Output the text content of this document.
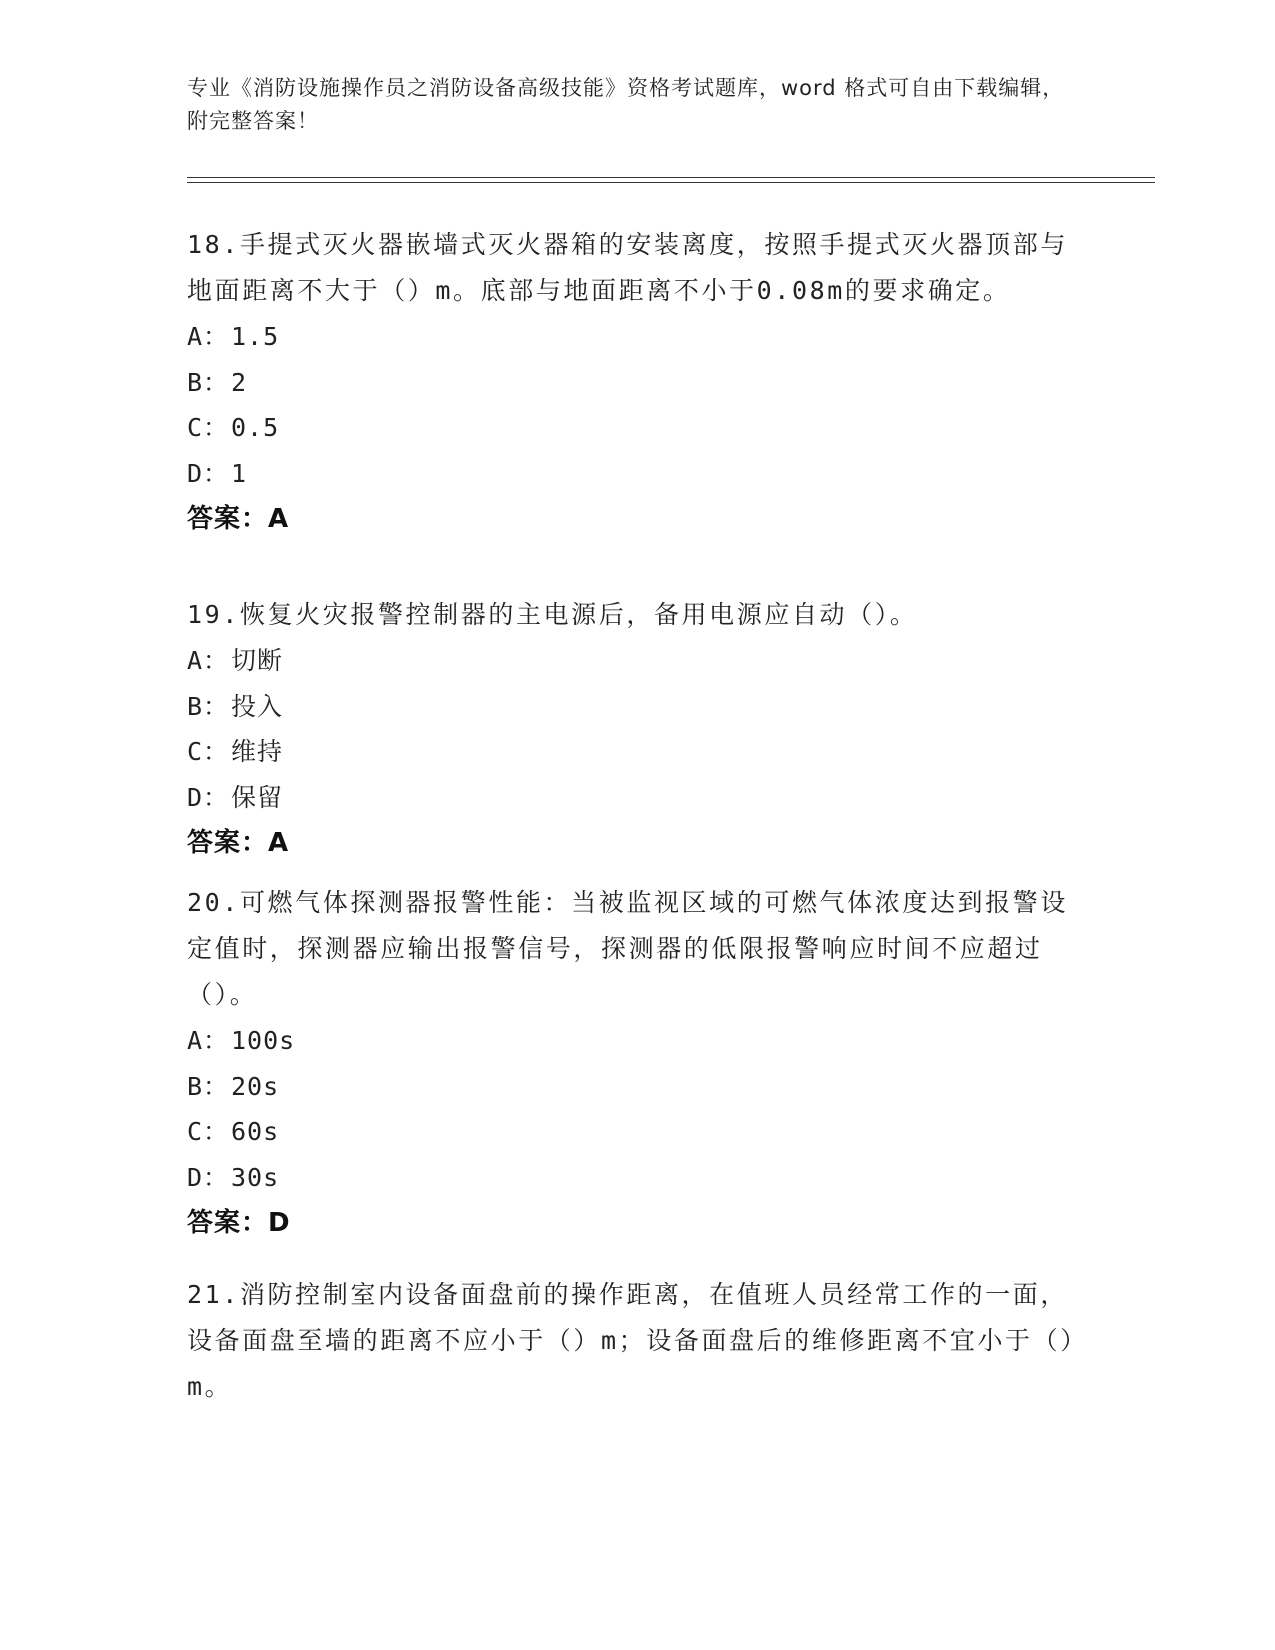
专业《消防设施操作员之消防设备高级技能》资格考试题库，word 格式可自由下载编辑，附完整答案！

18.手提式灭火器嵌墙式灭火器箱的安装离度，按照手提式灭火器顶部与地面距离不大于（）m。底部与地面距离不小于0.08m的要求确定。

A：1.5

B：2

C：0.5

D：1

答案：A

19.恢复火灾报警控制器的主电源后，备用电源应自动（）。

A：切断

B：投入

C：维持

D：保留

答案：A

20.可燃气体探测器报警性能：当被监视区域的可燃气体浓度达到报警设定值时，探测器应输出报警信号，探测器的低限报警响应时间不应超过（）。

A：100s

B：20s

C：60s

D：30s

答案：D

21.消防控制室内设备面盘前的操作距离，在值班人员经常工作的一面，设备面盘至墙的距离不应小于（）m；设备面盘后的维修距离不宜小于（）m。
